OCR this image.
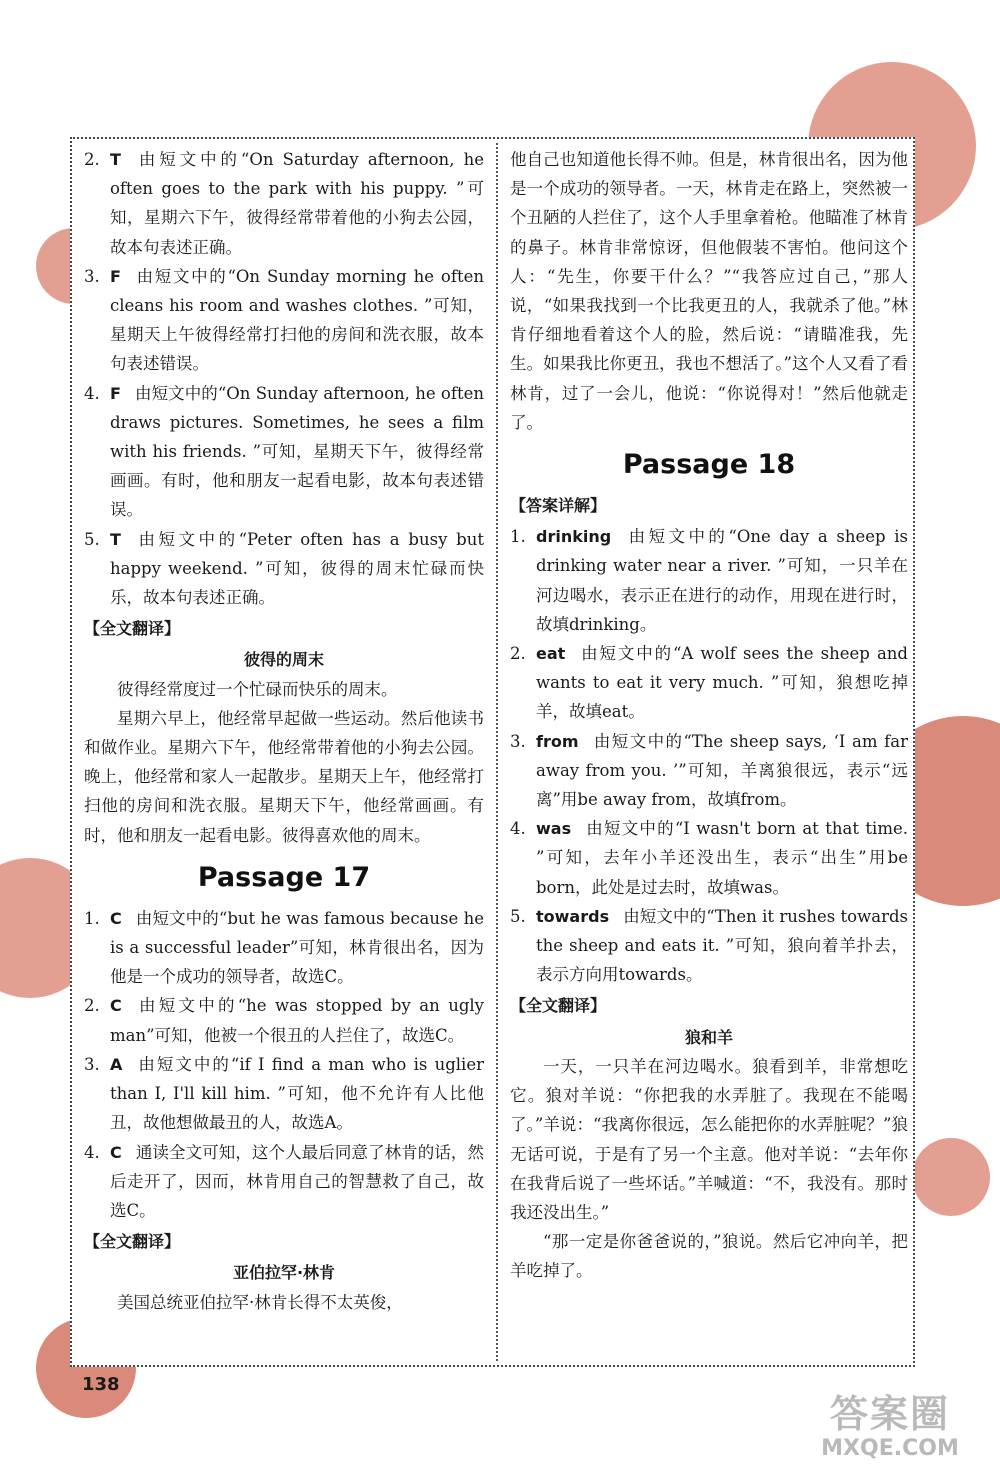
2. T 由短文中的“On Saturday afternoon, he often goes to the park with his puppy. ”可知，星期六下午，彼得经常带着他的小狗去公园，故本句表述正确。
3. F 由短文中的“On Sunday morning he often cleans his room and washes clothes. ”可知，星期天上午彼得经常打扫他的房间和洗衣服，故本句表述错误。
4. F 由短文中的“On Sunday afternoon, he often draws pictures. Sometimes, he sees a film with his friends. ”可知，星期天下午，彼得经常画画。有时，他和朋友一起看电影，故本句表述错误。
5. T 由短文中的“Peter often has a busy but happy weekend. ”可知，彼得的周末忙碌而快乐，故本句表述正确。
【全文翻译】
彼得的周末
彼得经常度过一个忙碌而快乐的周末。
星期六早上，他经常早起做一些运动。然后他读书和做作业。星期六下午，他经常带着他的小狗去公园。晚上，他经常和家人一起散步。星期天上午，他经常打扫他的房间和洗衣服。星期天下午，他经常画画。有时，他和朋友一起看电影。彼得喜欢他的周末。
Passage 17
1. C 由短文中的“but he was famous because he is a successful leader”可知，林肯很出名，因为他是一个成功的领导者，故选C。
2. C 由短文中的“he was stopped by an ugly man”可知，他被一个很丑的人拦住了，故选C。
3. A 由短文中的“if I find a man who is uglier than I, I'll kill him. ”可知，他不允许有人比他丑，故他想做最丑的人，故选A。
4. C 通读全文可知，这个人最后同意了林肯的话，然后走开了，因而，林肯用自己的智慧救了自己，故选C。
【全文翻译】
亚伯拉罕·林肯
美国总统亚伯拉罕·林肯长得不太英俊，
他自己也知道他长得不帅。但是，林肯很出名，因为他是一个成功的领导者。一天，林肯走在路上，突然被一个丑陋的人拦住了，这个人手里拿着枪。他瞄准了林肯的鼻子。林肯非常惊讶，但他假装不害怕。他问这个人：“先生，你要干什么？”“我答应过自己，”那人说，“如果我找到一个比我更丑的人，我就杀了他。”林肯仔细地看着这个人的脸，然后说：“请瞄准我，先生。如果我比你更丑，我也不想活了。”这个人又看了看林肯，过了一会儿，他说：“你说得对！”然后他就走了。
Passage 18
【答案详解】
1. drinking 由短文中的“One day a sheep is drinking water near a river. ”可知，一只羊在河边喝水，表示正在进行的动作，用现在进行时，故填drinking。
2. eat 由短文中的“A wolf sees the sheep and wants to eat it very much. ”可知，狼想吃掉羊，故填eat。
3. from 由短文中的“The sheep says, ‘I am far away from you. ’”可知，羊离狼很远，表示“远离”用be away from，故填from。
4. was 由短文中的“I wasn't born at that time. ”可知，去年小羊还没出生，表示“出生”用be born，此处是过去时，故填was。
5. towards 由短文中的“Then it rushes towards the sheep and eats it. ”可知，狼向着羊扑去，表示方向用towards。
【全文翻译】
狼和羊
一天，一只羊在河边喝水。狼看到羊，非常想吃它。狼对羊说：“你把我的水弄脏了。我现在不能喝了。”羊说：“我离你很远，怎么能把你的水弄脏呢？”狼无话可说，于是有了另一个主意。他对羊说：“去年你在我背后说了一些坏话。”羊喊道：“不，我没有。那时我还没出生。”
“那一定是你爸爸说的，”狼说。然后它冲向羊，把羊吃掉了。
138
答案圈
MXQE.COM
